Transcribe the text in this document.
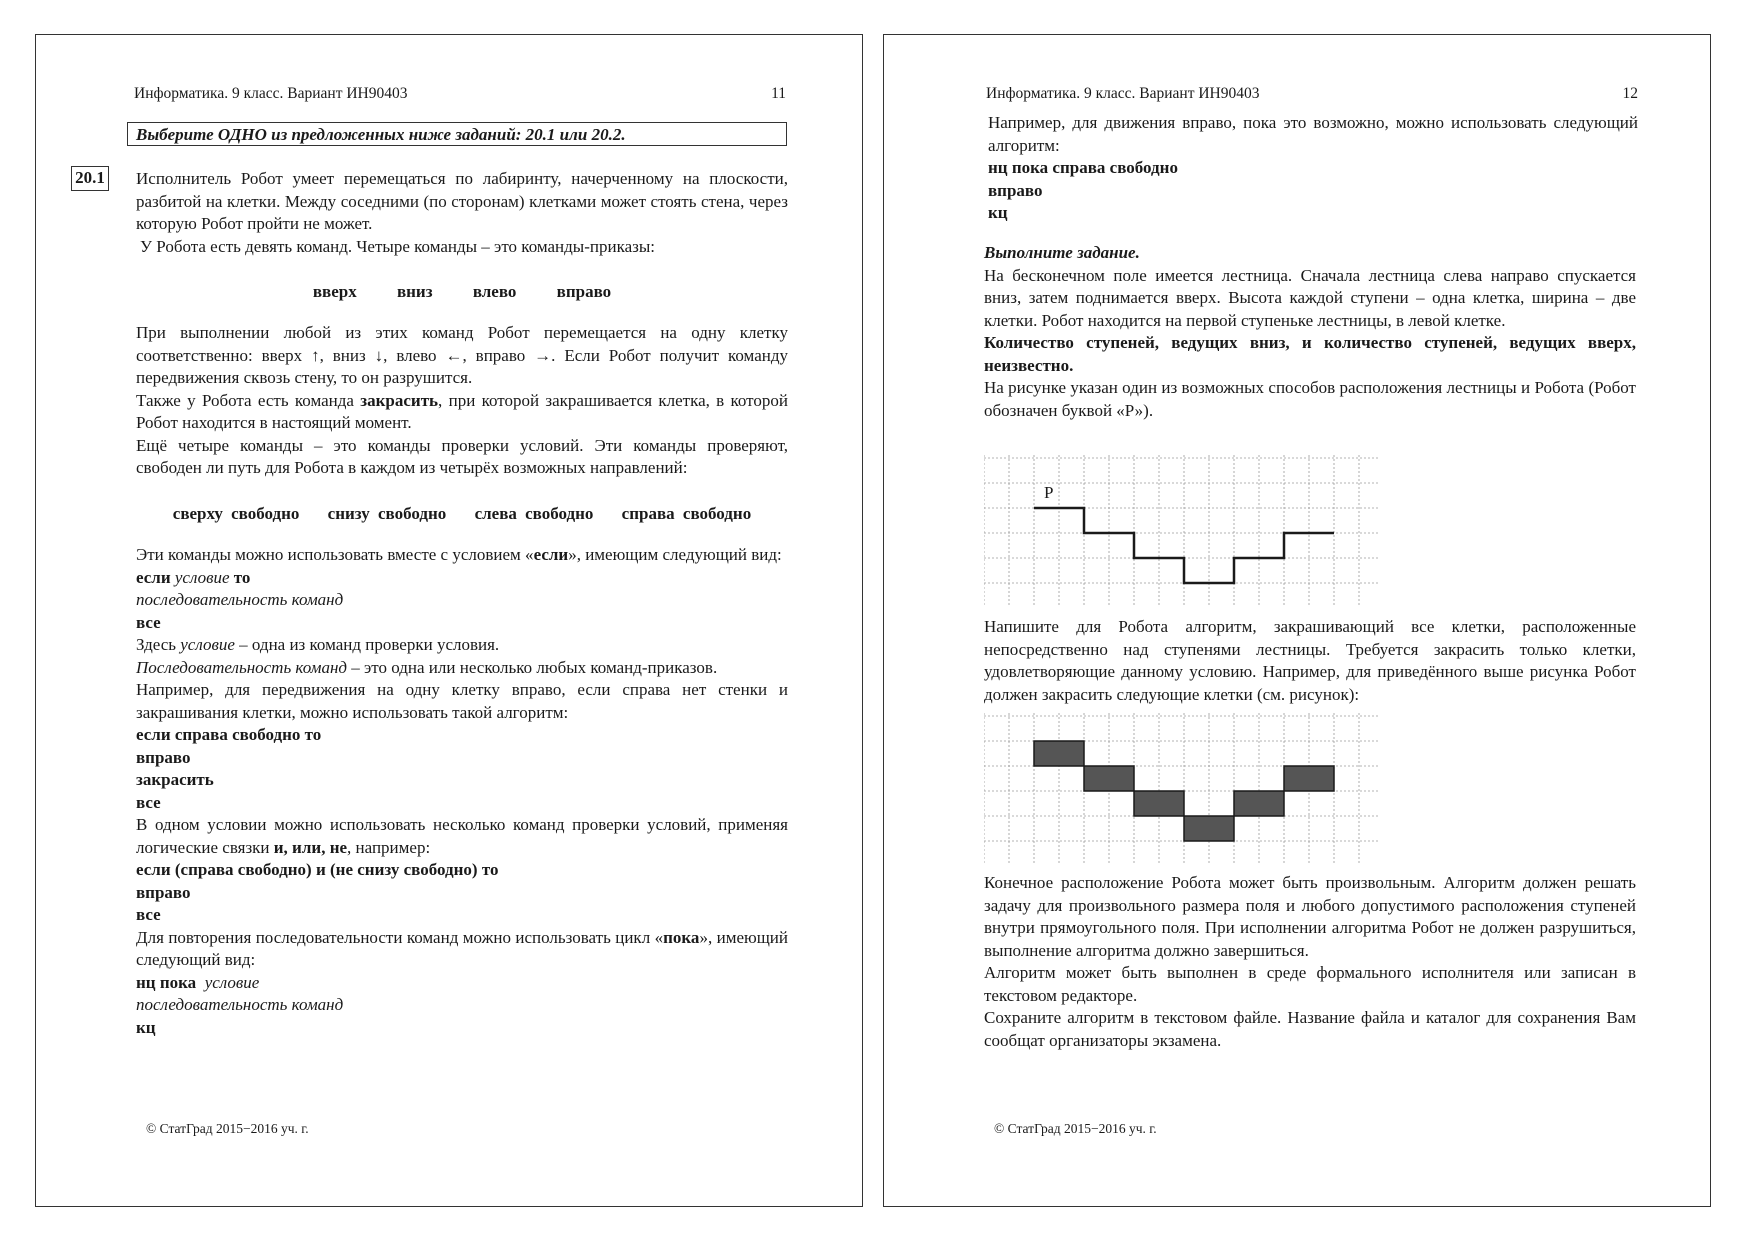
Информатика. 9 класс. Вариант ИН90403	11
Выберите ОДНО из предложенных ниже заданий: 20.1 или 20.2.
20.1 Исполнитель Робот умеет перемещаться по лабиринту, начерченному на плоскости, разбитой на клетки. Между соседними (по сторонам) клетками может стоять стена, через которую Робот пройти не может.

У Робота есть девять команд. Четыре команды – это команды-приказы:

вверх вниз влево вправо

При выполнении любой из этих команд Робот перемещается на одну клетку соответственно: вверх ↑, вниз ↓, влево ←, вправо →. Если Робот получит команду передвижения сквозь стену, то он разрушится.

Также у Робота есть команда закрасить, при которой закрашивается клетка, в которой Робот находится в настоящий момент.

Ещё четыре команды – это команды проверки условий. Эти команды проверяют, свободен ли путь для Робота в каждом из четырёх возможных направлений:

сверху свободно снизу свободно слева свободно справа свободно

Эти команды можно использовать вместе с условием «если», имеющим следующий вид:

если условие то

последовательность команд

все

Здесь условие – одна из команд проверки условия.

Последовательность команд – это одна или несколько любых команд-приказов.

Например, для передвижения на одну клетку вправо, если справа нет стенки и закрашивания клетки, можно использовать такой алгоритм:

если справа свободно то

вправо

закрасить

все

В одном условии можно использовать несколько команд проверки условий, применяя логические связки и, или, не, например:

если (справа свободно) и (не снизу свободно) то

вправо

все

Для повторения последовательности команд можно использовать цикл «пока», имеющий следующий вид:

нц пока условие

последовательность команд

кц

© СтатГрад 2015−2016 уч. г.
Информатика. 9 класс. Вариант ИН90403	12

Например, для движения вправо, пока это возможно, можно использовать следующий алгоритм:

нц пока справа свободно

вправо

кц

Выполните задание.

На бесконечном поле имеется лестница. Сначала лестница слева направо спускается вниз, затем поднимается вверх. Высота каждой ступени – одна клетка, ширина – две клетки. Робот находится на первой ступеньке лестницы, в левой клетке.

Количество ступеней, ведущих вниз, и количество ступеней, ведущих вверх, неизвестно.

На рисунке указан один из возможных способов расположения лестницы и Робота (Робот обозначен буквой «Р»).

Р

Напишите для Робота алгоритм, закрашивающий все клетки, расположенные непосредственно над ступенями лестницы. Требуется закрасить только клетки, удовлетворяющие данному условию. Например, для приведённого выше рисунка Робот должен закрасить следующие клетки (см. рисунок):

Конечное расположение Робота может быть произвольным. Алгоритм должен решать задачу для произвольного размера поля и любого допустимого расположения ступеней внутри прямоугольного поля. При исполнении алгоритма Робот не должен разрушиться, выполнение алгоритма должно завершиться.

Алгоритм может быть выполнен в среде формального исполнителя или записан в текстовом редакторе.

Сохраните алгоритм в текстовом файле. Название файла и каталог для сохранения Вам сообщат организаторы экзамена.

© СтатГрад 2015−2016 уч. г.
